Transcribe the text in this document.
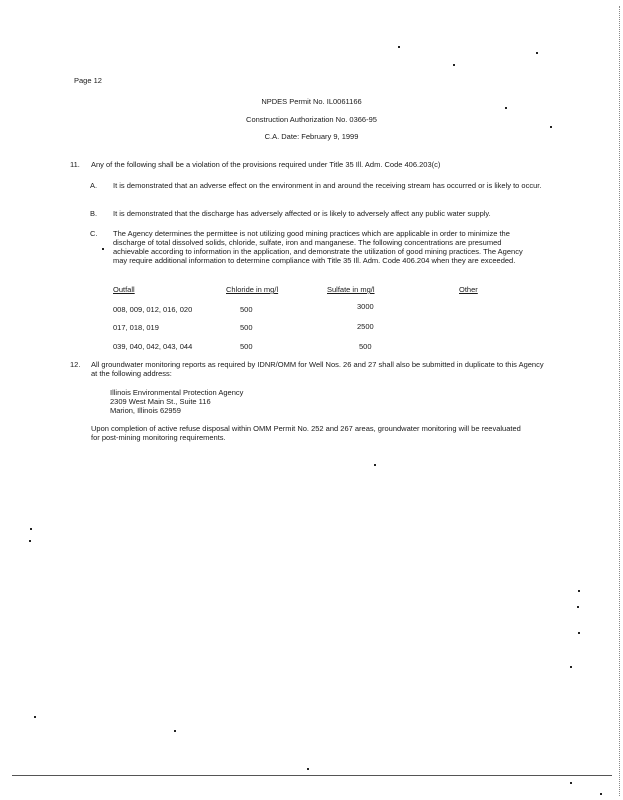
Page 12
NPDES Permit No. IL0061166
Construction Authorization No. 0366-95
C.A. Date: February 9, 1999
11. Any of the following shall be a violation of the provisions required under Title 35 Ill. Adm. Code 406.203(c)
A. It is demonstrated that an adverse effect on the environment in and around the receiving stream has occurred or is likely to occur.
B. It is demonstrated that the discharge has adversely affected or is likely to adversely affect any public water supply.
C. The Agency determines the permittee is not utilizing good mining practices which are applicable in order to minimize the discharge of total dissolved solids, chloride, sulfate, iron and manganese. The following concentrations are presumed achievable according to information in the application, and demonstrate the utilization of good mining practices. The Agency may require additional information to determine compliance with Title 35 Ill. Adm. Code 406.204 when they are exceeded.
Outfall	Chloride in mg/l	Sulfate in mg/l	Other
008, 009, 012, 016, 020	500	3000
017, 018, 019	500	2500
039, 040, 042, 043, 044	500	500
12. All groundwater monitoring reports as required by IDNR/OMM for Well Nos. 26 and 27 shall also be submitted in duplicate to this Agency at the following address:
Illinois Environmental Protection Agency
2309 West Main St., Suite 116
Marion, Illinois 62959
Upon completion of active refuse disposal within OMM Permit No. 252 and 267 areas, groundwater monitoring will be reevaluated for post-mining monitoring requirements.
